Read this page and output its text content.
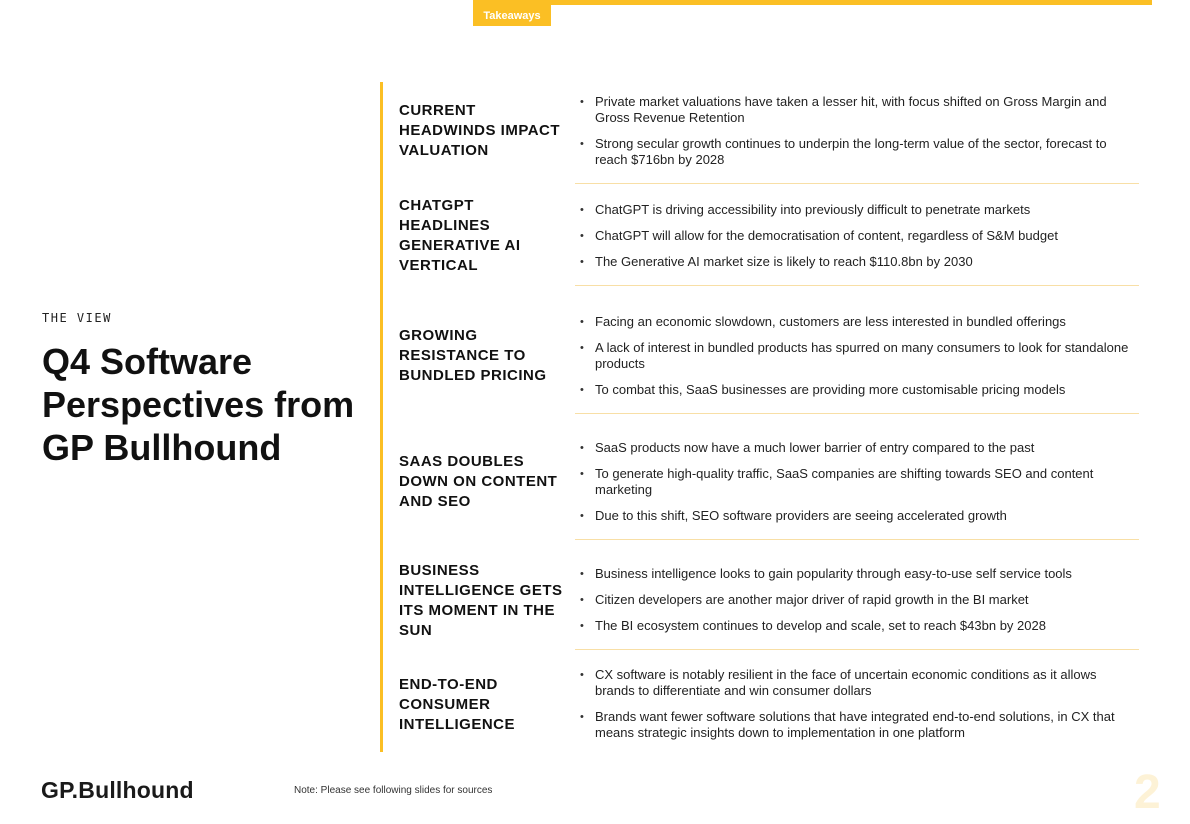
Takeaways
THE VIEW
Q4 Software Perspectives from GP Bullhound
CURRENT HEADWINDS IMPACT VALUATION
• Private market valuations have taken a lesser hit, with focus shifted on Gross Margin and Gross Revenue Retention
• Strong secular growth continues to underpin the long-term value of the sector, forecast to reach $716bn by 2028
CHATGPT HEADLINES GENERATIVE AI VERTICAL
• ChatGPT is driving accessibility into previously difficult to penetrate markets
• ChatGPT will allow for the democratisation of content, regardless of S&M budget
• The Generative AI market size is likely to reach $110.8bn by 2030
GROWING RESISTANCE TO BUNDLED PRICING
• Facing an economic slowdown, customers are less interested in bundled offerings
• A lack of interest in bundled products has spurred on many consumers to look for standalone products
• To combat this, SaaS businesses are providing more customisable pricing models
SAAS DOUBLES DOWN ON CONTENT AND SEO
• SaaS products now have a much lower barrier of entry compared to the past
• To generate high-quality traffic, SaaS companies are shifting towards SEO and content marketing
• Due to this shift, SEO software providers are seeing accelerated growth
BUSINESS INTELLIGENCE GETS ITS MOMENT IN THE SUN
• Business intelligence looks to gain popularity through easy-to-use self service tools
• Citizen developers are another major driver of rapid growth in the BI market
• The BI ecosystem continues to develop and scale, set to reach $43bn by 2028
END-TO-END CONSUMER INTELLIGENCE
• CX software is notably resilient in the face of uncertain economic conditions as it allows brands to differentiate and win consumer dollars
• Brands want fewer software solutions that have integrated end-to-end solutions, in CX that means strategic insights down to implementation in one platform
GP.Bullhound	Note: Please see following slides for sources	2
